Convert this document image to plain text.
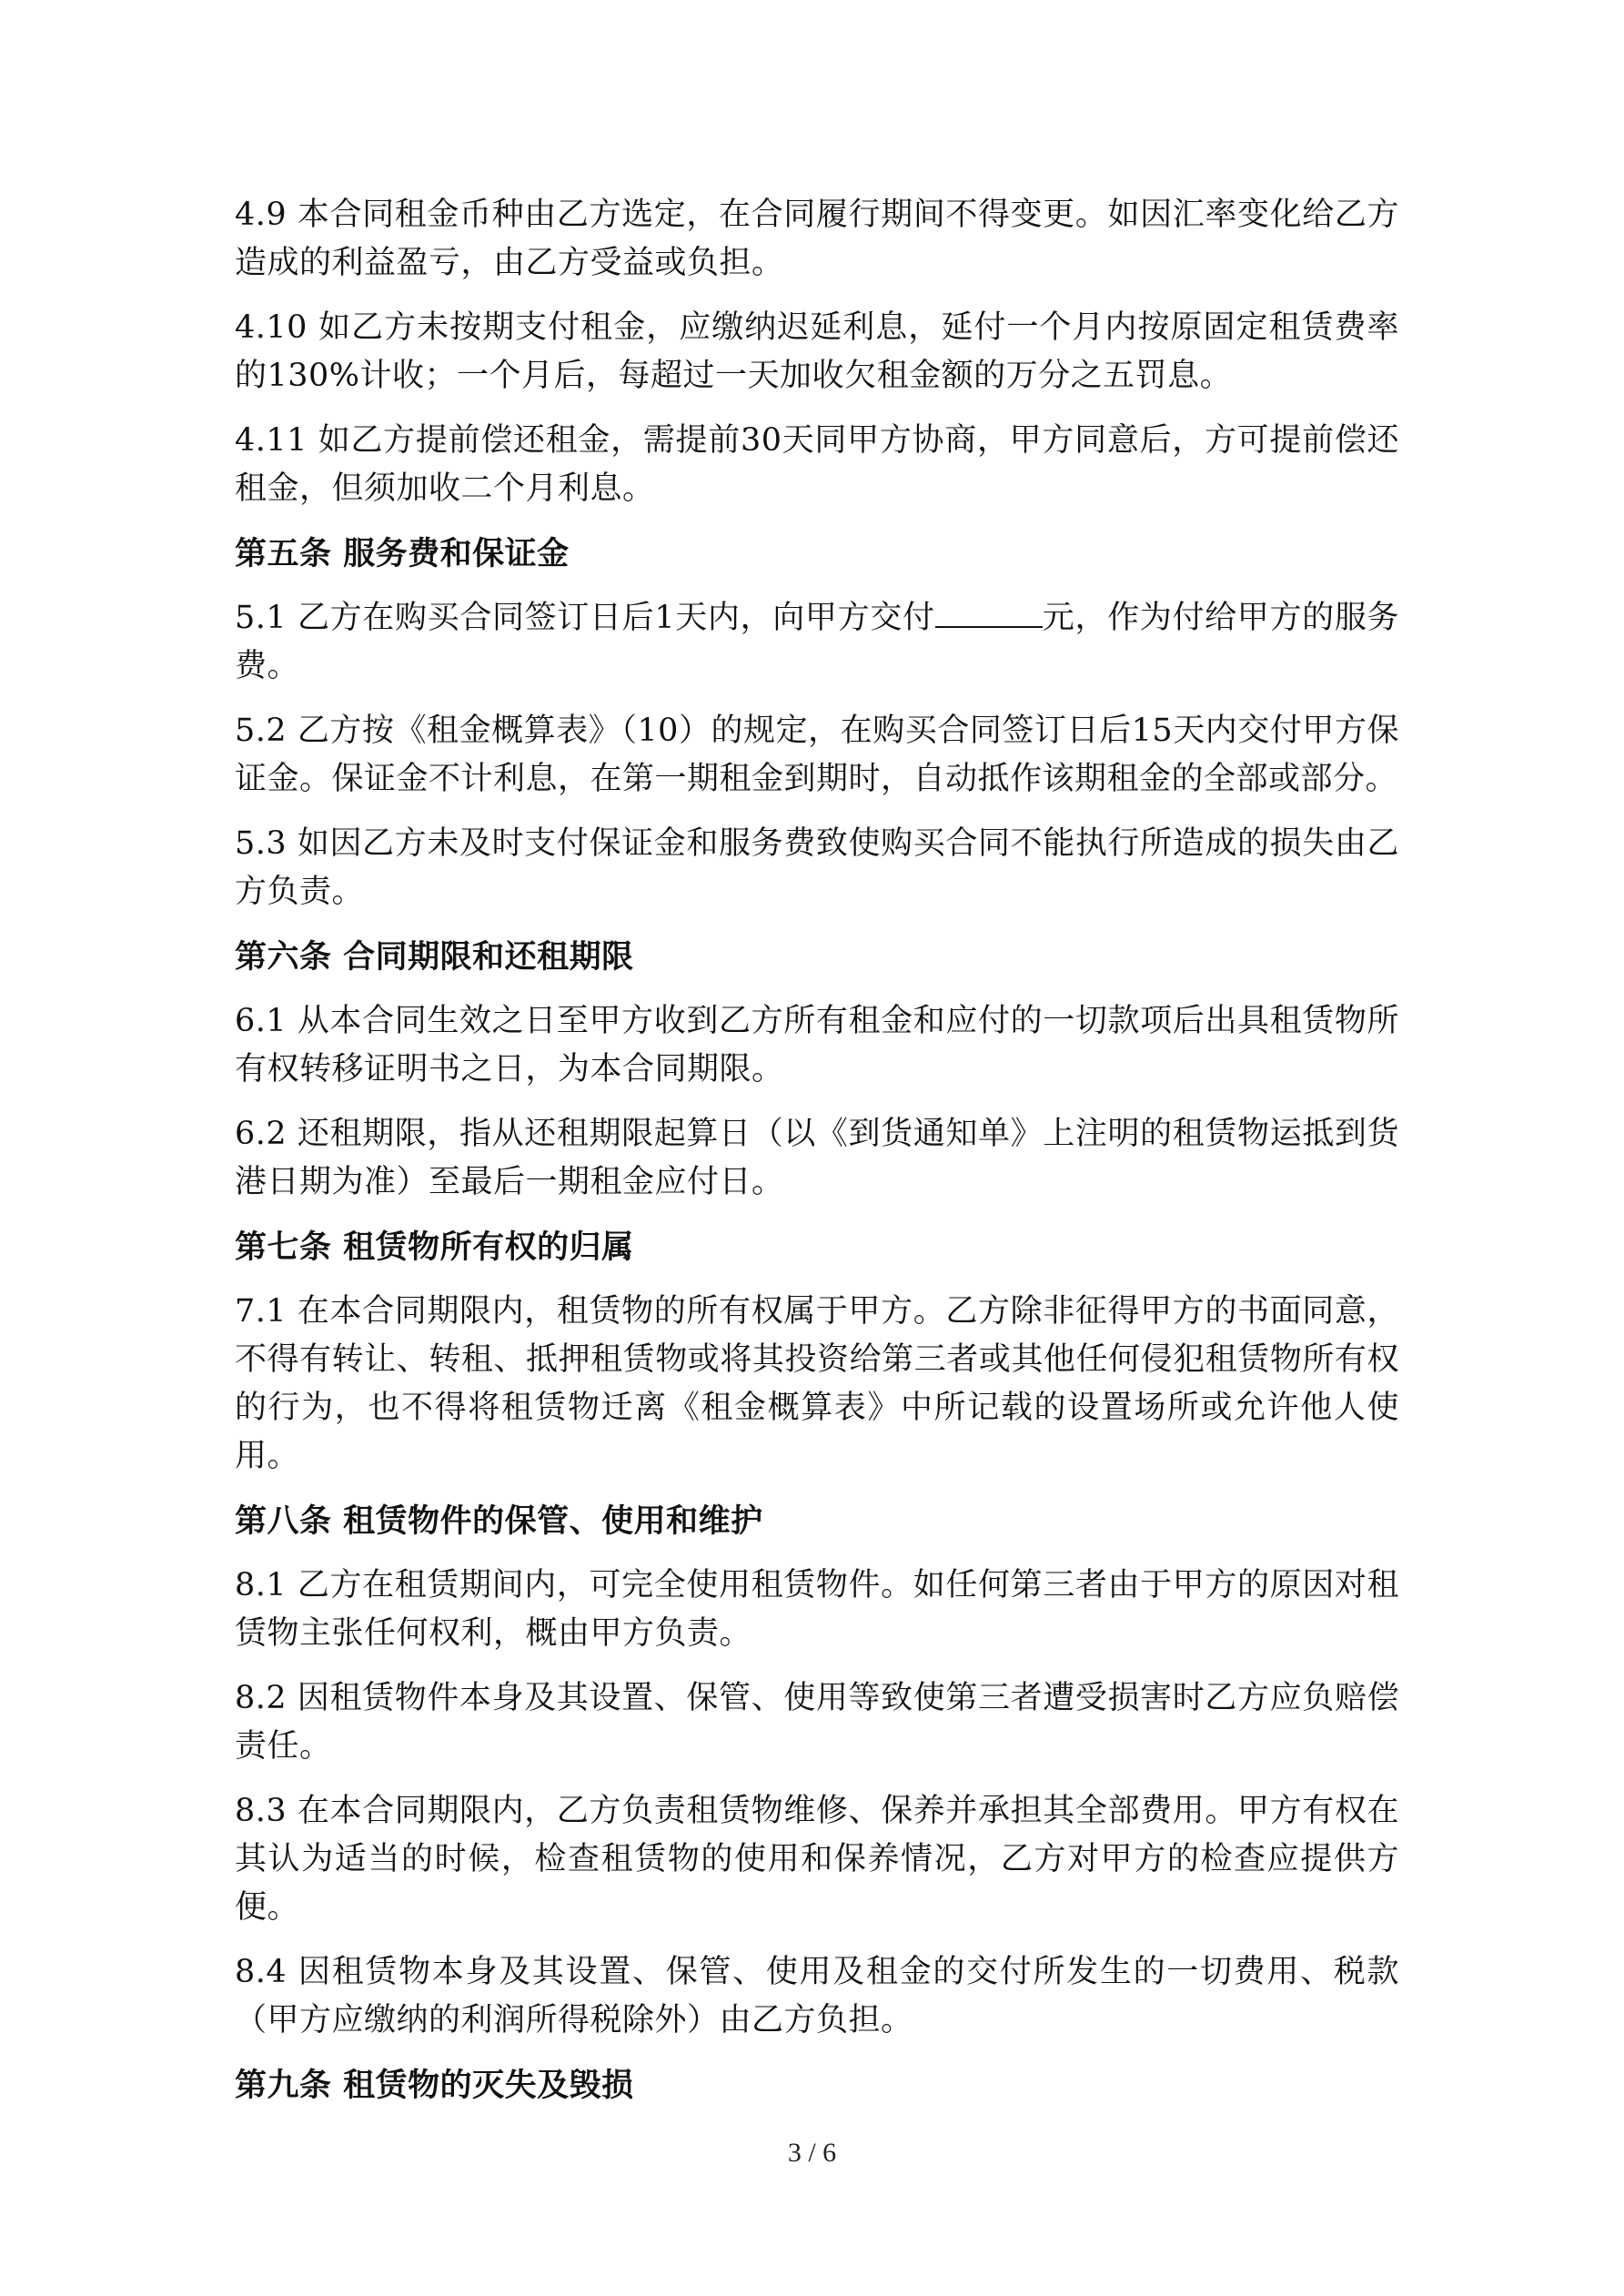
4.9 本合同租金币种由乙方选定，在合同履行期间不得变更。如因汇率变化给乙方造成的利益盈亏，由乙方受益或负担。

4.10 如乙方未按期支付租金，应缴纳迟延利息，延付一个月内按原固定租赁费率的130%计收；一个月后，每超过一天加收欠租金额的万分之五罚息。

4.11 如乙方提前偿还租金，需提前30天同甲方协商，甲方同意后，方可提前偿还租金，但须加收二个月利息。

第五条 服务费和保证金

5.1 乙方在购买合同签订日后1天内，向甲方交付	元，作为付给甲方的服务费。

5.2 乙方按《租金概算表》（10）的规定，在购买合同签订日后15天内交付甲方保证金。保证金不计利息，在第一期租金到期时，自动抵作该期租金的全部或部分。

5.3 如因乙方未及时支付保证金和服务费致使购买合同不能执行所造成的损失由乙方负责。

第六条 合同期限和还租期限

6.1 从本合同生效之日至甲方收到乙方所有租金和应付的一切款项后出具租赁物所有权转移证明书之日，为本合同期限。

6.2 还租期限，指从还租期限起算日（以《到货通知单》上注明的租赁物运抵到货港日期为准）至最后一期租金应付日。

第七条 租赁物所有权的归属

7.1 在本合同期限内，租赁物的所有权属于甲方。乙方除非征得甲方的书面同意，不得有转让、转租、抵押租赁物或将其投资给第三者或其他任何侵犯租赁物所有权的行为，也不得将租赁物迁离《租金概算表》中所记载的设置场所或允许他人使用。

第八条 租赁物件的保管、使用和维护

8.1 乙方在租赁期间内，可完全使用租赁物件。如任何第三者由于甲方的原因对租赁物主张任何权利，概由甲方负责。

8.2 因租赁物件本身及其设置、保管、使用等致使第三者遭受损害时乙方应负赔偿责任。

8.3 在本合同期限内，乙方负责租赁物维修、保养并承担其全部费用。甲方有权在其认为适当的时候，检查租赁物的使用和保养情况，乙方对甲方的检查应提供方便。

8.4 因租赁物本身及其设置、保管、使用及租金的交付所发生的一切费用、税款（甲方应缴纳的利润所得税除外）由乙方负担。

第九条 租赁物的灭失及毁损

3 / 6
